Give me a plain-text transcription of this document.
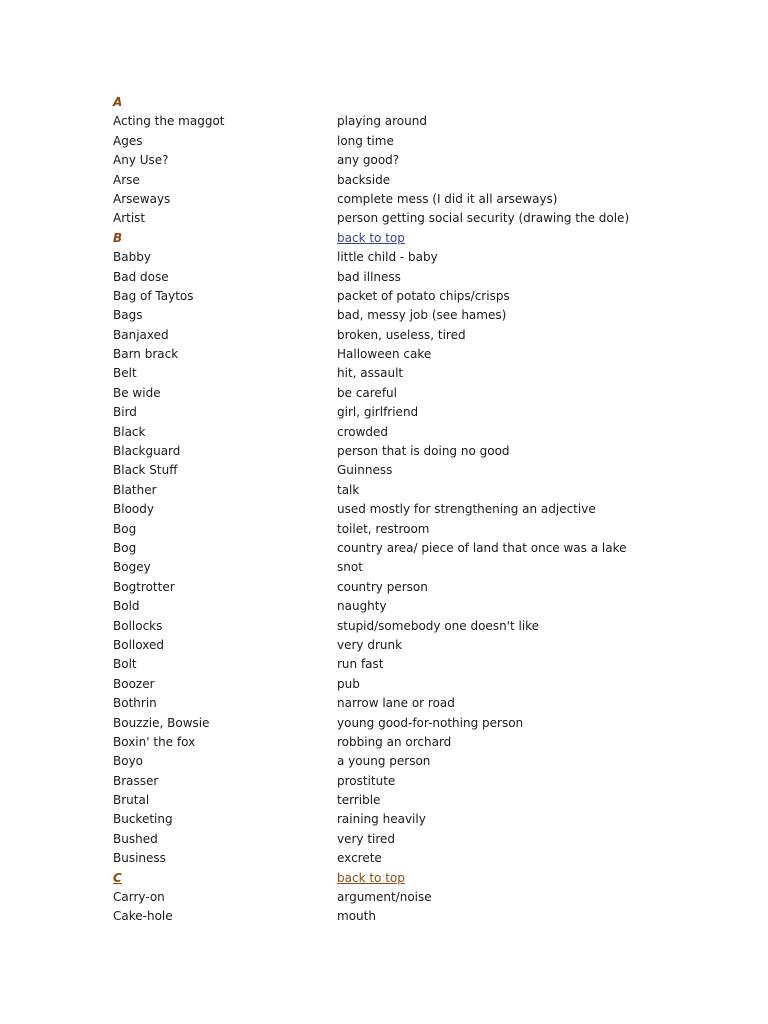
A
Acting the maggot	playing around
Ages	long time
Any Use?	any good?
Arse	backside
Arseways	complete mess (I did it all arseways)
Artist	person getting social security (drawing the dole)
B	back to top
Babby	little child - baby
Bad dose	bad illness
Bag of Taytos	packet of potato chips/crisps
Bags	bad, messy job (see hames)
Banjaxed	broken, useless, tired
Barn brack	Halloween cake
Belt	hit, assault
Be wide	be careful
Bird	girl, girlfriend
Black	crowded
Blackguard	person that is doing no good
Black Stuff	Guinness
Blather	talk
Bloody	used mostly for strengthening an adjective
Bog	toilet, restroom
Bog	country area/ piece of land that once was a lake
Bogey	snot
Bogtrotter	country person
Bold	naughty
Bollocks	stupid/somebody one doesn't like
Bolloxed	very drunk
Bolt	run fast
Boozer	pub
Bothrin	narrow lane or road
Bouzzie, Bowsie	young good-for-nothing person
Boxin' the fox	robbing an orchard
Boyo	a young person
Brasser	prostitute
Brutal	terrible
Bucketing	raining heavily
Bushed	very tired
Business	excrete
C	back to top
Carry-on	argument/noise
Cake-hole	mouth
